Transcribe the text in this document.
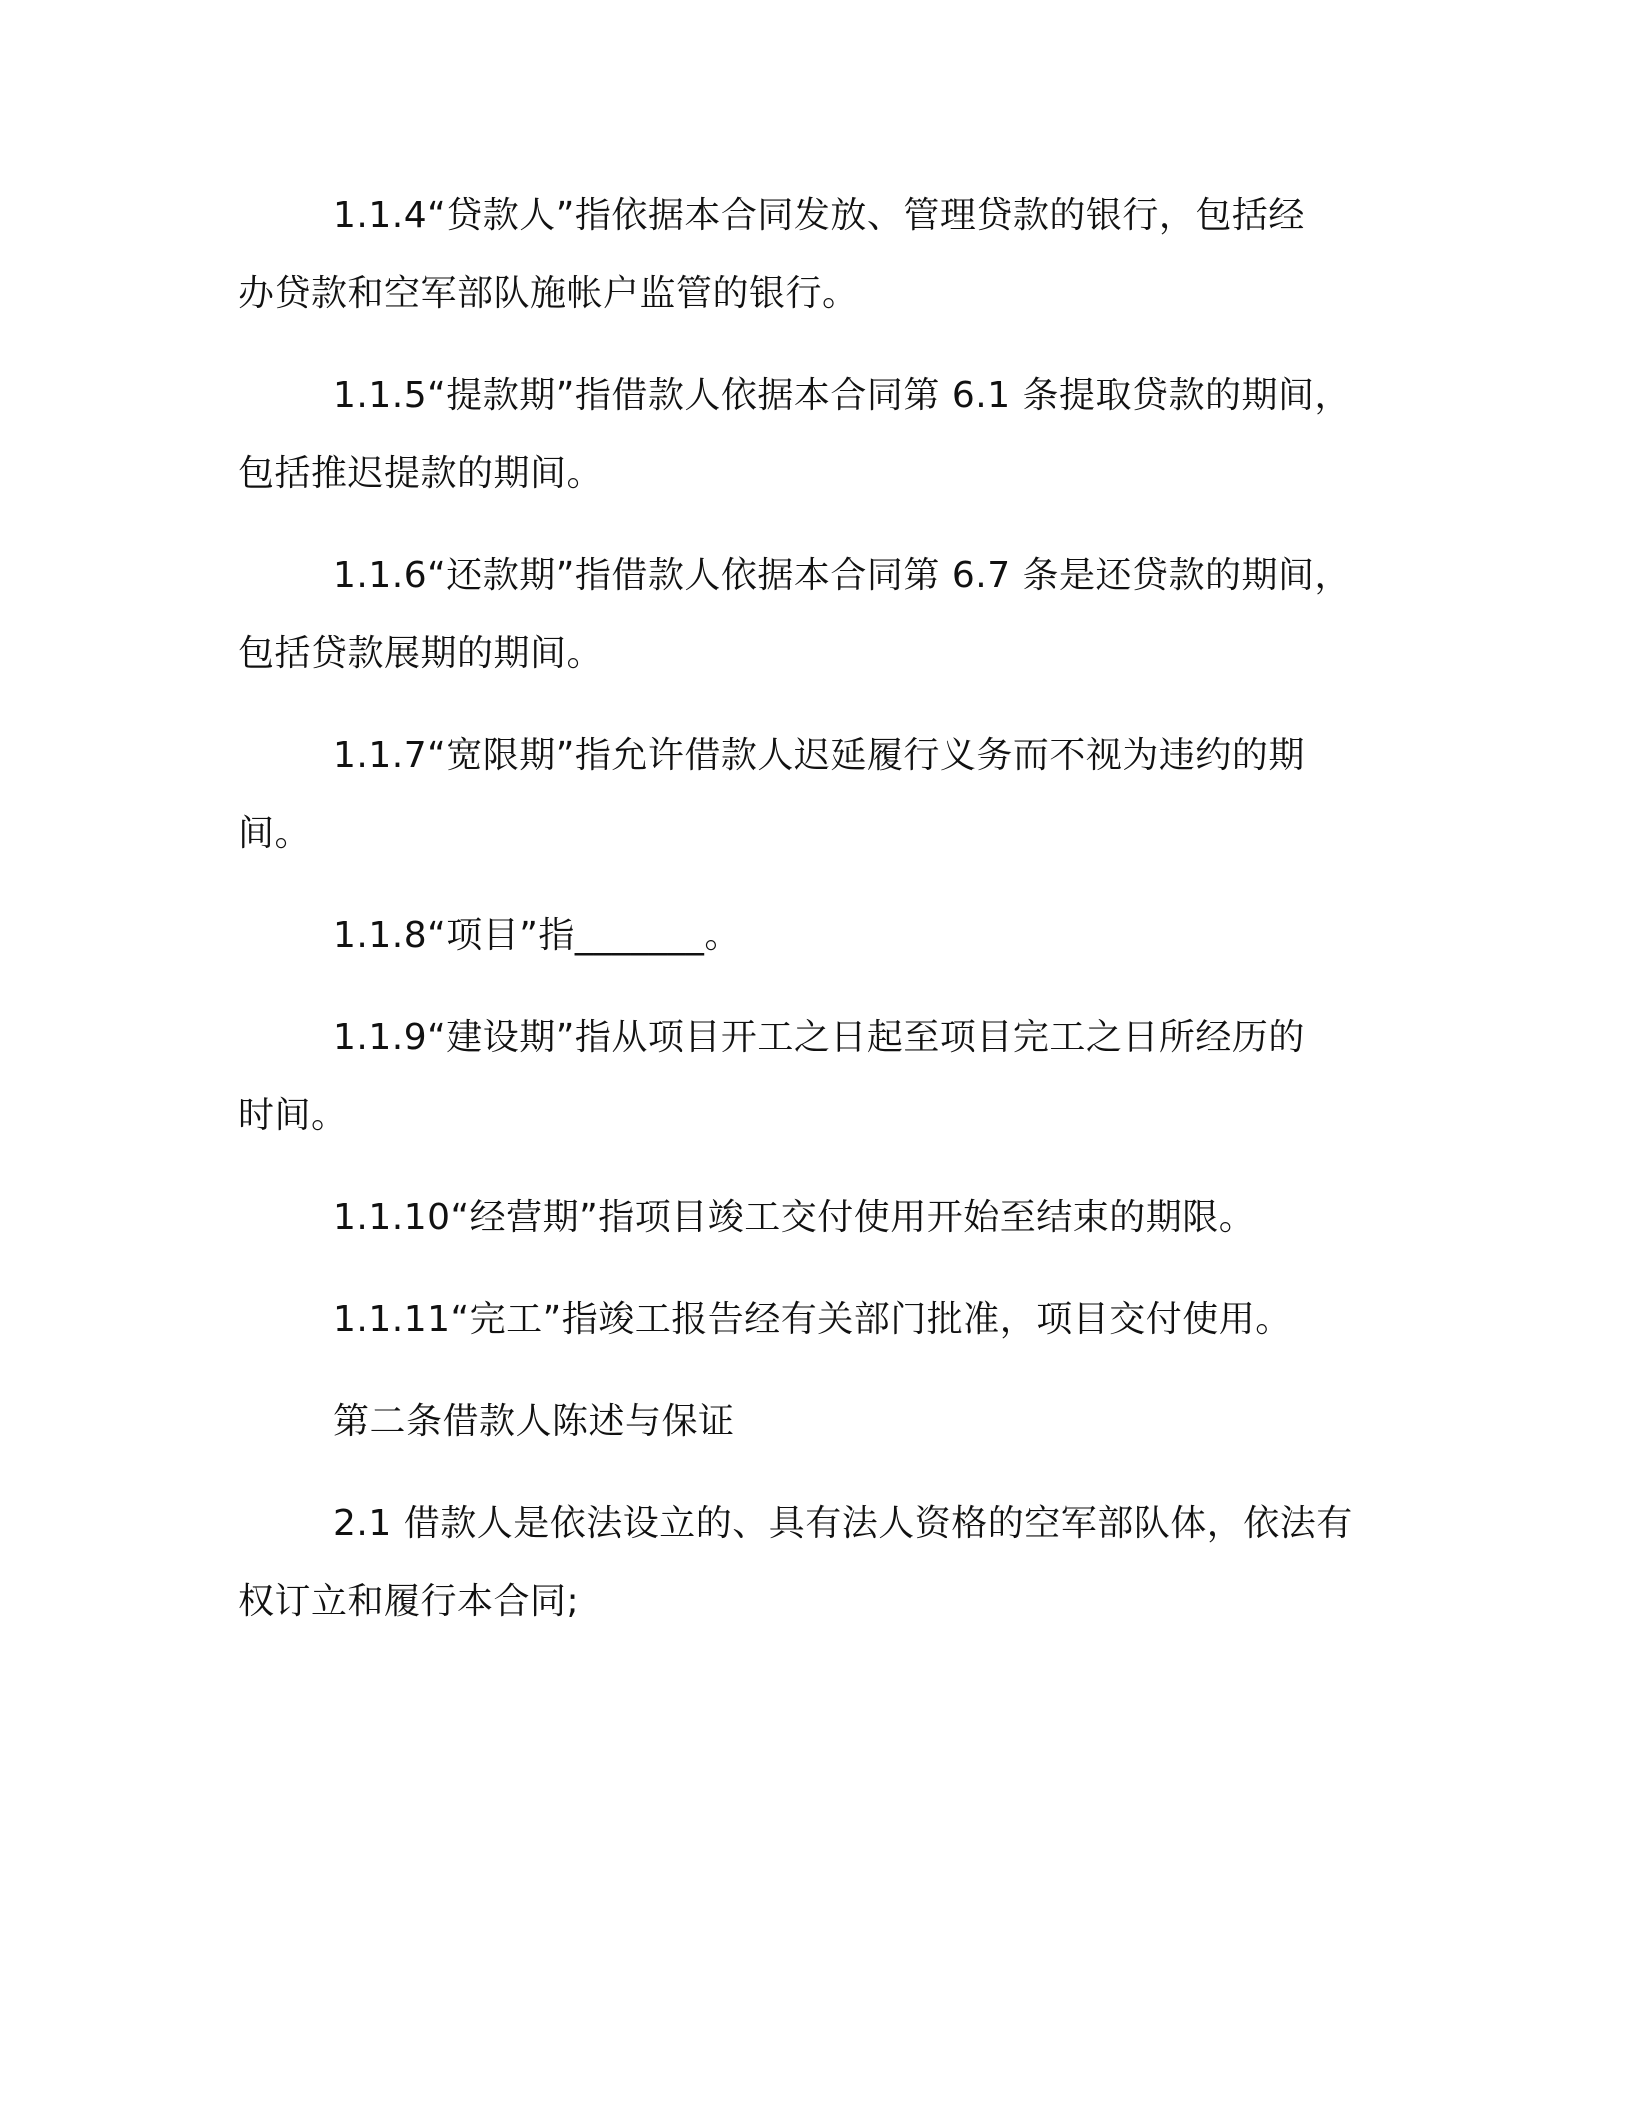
1.1.4“贷款人”指依据本合同发放、管理贷款的银行，包括经
办贷款和空军部队施帐户监管的银行。
1.1.5“提款期”指借款人依据本合同第 6.1 条提取贷款的期间，
包括推迟提款的期间。
1.1.6“还款期”指借款人依据本合同第 6.7 条是还贷款的期间，
包括贷款展期的期间。
1.1.7“宽限期”指允许借款人迟延履行义务而不视为违约的期
间。
1.1.8“项目”指_______。
1.1.9“建设期”指从项目开工之日起至项目完工之日所经历的
时间。
1.1.10“经营期”指项目竣工交付使用开始至结束的期限。
1.1.11“完工”指竣工报告经有关部门批准，项目交付使用。
第二条借款人陈述与保证
2.1 借款人是依法设立的、具有法人资格的空军部队体，依法有
权订立和履行本合同;
